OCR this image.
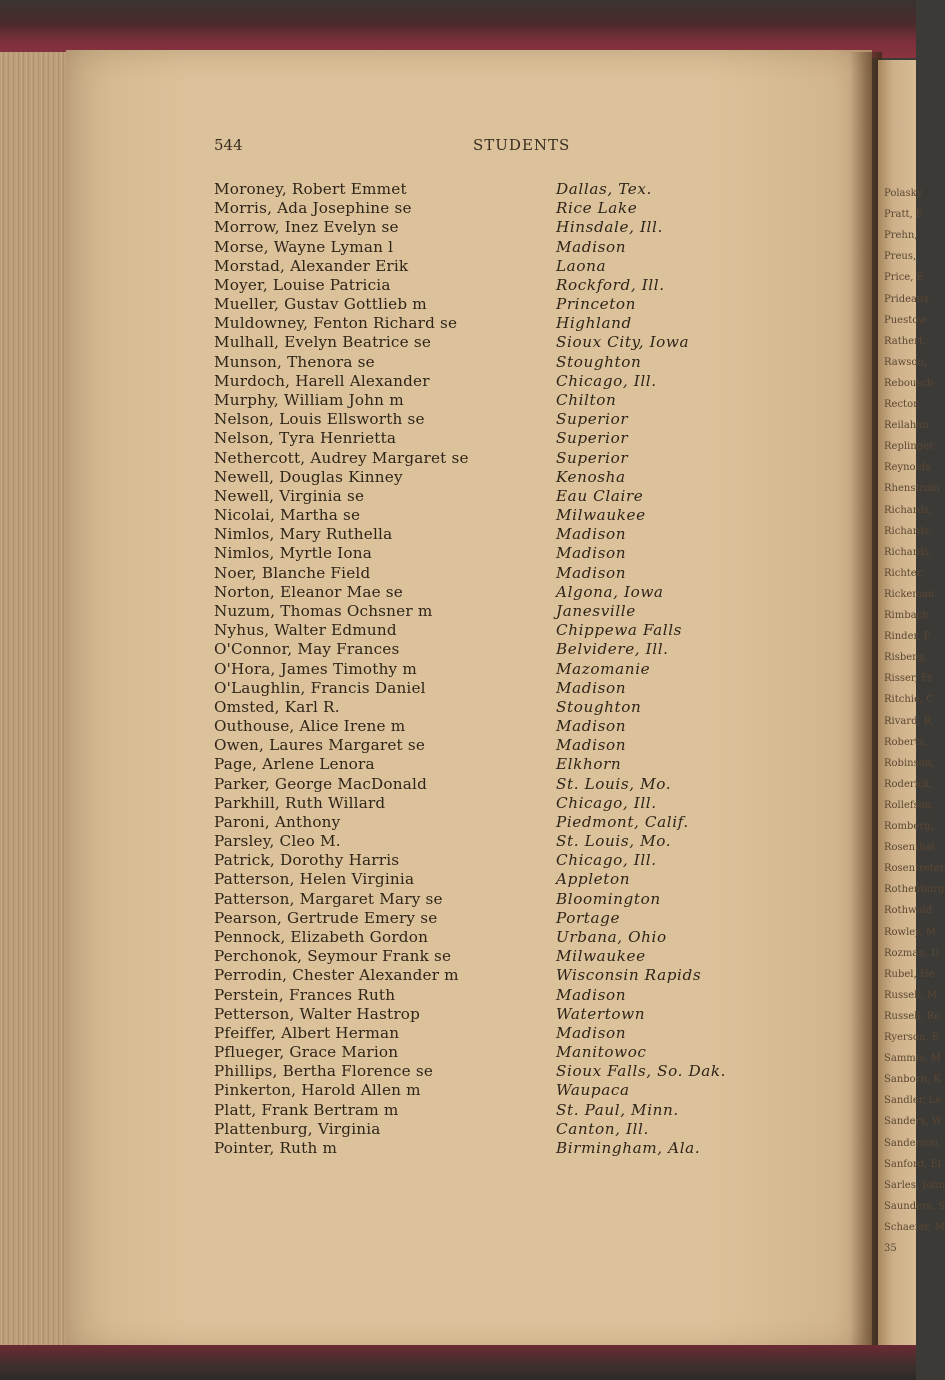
Polasky
Pratt, F
Prehn,
Preus,
Price, E
Prideaux
Puestow
Rathert,
Rawson,
Rebousch
Rector,
Reilahan
Replinger
Reynolds
Rhenstrom
Richards,
Richards,
Richards,
Richter,
Rickeman
Rimbach
Rinder, F
Risberg,
Risser, Fr
Ritchie, C
Rivard, R
Roberts,
Robinson,
Roderick,
Rollefson,
Romberg,
Rosenthal
Rosentreter
Rothenburg
Rothwald
Rowley, M
Rozman, D
Rubel, He
Russell, M
Russell, Ro
Ryerson, E
Sammis, M
Sanborn, K
Sandler, Le
Sanders, W
Sanderson,
Sanford, El
Sarles, John
Saunders, S
Schaefer, M
35
544	STUDENTS
Moroney, Robert Emmet	Dallas, Tex.
Morris, Ada Josephine se	Rice Lake
Morrow, Inez Evelyn se	Hinsdale, Ill.
Morse, Wayne Lyman l	Madison
Morstad, Alexander Erik	Laona
Moyer, Louise Patricia	Rockford, Ill.
Mueller, Gustav Gottlieb m	Princeton
Muldowney, Fenton Richard se	Highland
Mulhall, Evelyn Beatrice se	Sioux City, Iowa
Munson, Thenora se	Stoughton
Murdoch, Harell Alexander	Chicago, Ill.
Murphy, William John m	Chilton
Nelson, Louis Ellsworth se	Superior
Nelson, Tyra Henrietta	Superior
Nethercott, Audrey Margaret se	Superior
Newell, Douglas Kinney	Kenosha
Newell, Virginia se	Eau Claire
Nicolai, Martha se	Milwaukee
Nimlos, Mary Ruthella	Madison
Nimlos, Myrtle Iona	Madison
Noer, Blanche Field	Madison
Norton, Eleanor Mae se	Algona, Iowa
Nuzum, Thomas Ochsner m	Janesville
Nyhus, Walter Edmund	Chippewa Falls
O'Connor, May Frances	Belvidere, Ill.
O'Hora, James Timothy m	Mazomanie
O'Laughlin, Francis Daniel	Madison
Omsted, Karl R.	Stoughton
Outhouse, Alice Irene m	Madison
Owen, Laures Margaret se	Madison
Page, Arlene Lenora	Elkhorn
Parker, George MacDonald	St. Louis, Mo.
Parkhill, Ruth Willard	Chicago, Ill.
Paroni, Anthony	Piedmont, Calif.
Parsley, Cleo M.	St. Louis, Mo.
Patrick, Dorothy Harris	Chicago, Ill.
Patterson, Helen Virginia	Appleton
Patterson, Margaret Mary se	Bloomington
Pearson, Gertrude Emery se	Portage
Pennock, Elizabeth Gordon	Urbana, Ohio
Perchonok, Seymour Frank se	Milwaukee
Perrodin, Chester Alexander m	Wisconsin Rapids
Perstein, Frances Ruth	Madison
Petterson, Walter Hastrop	Watertown
Pfeiffer, Albert Herman	Madison
Pflueger, Grace Marion	Manitowoc
Phillips, Bertha Florence se	Sioux Falls, So. Dak.
Pinkerton, Harold Allen m	Waupaca
Platt, Frank Bertram m	St. Paul, Minn.
Plattenburg, Virginia	Canton, Ill.
Pointer, Ruth m	Birmingham, Ala.
